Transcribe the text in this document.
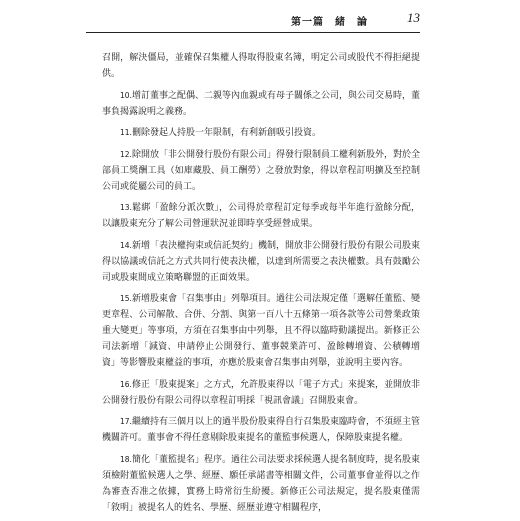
第一篇　緒　論	13

召開，解決僵局，並確保召集權人得取得股東名簿，明定公司或股代不得拒絕提供。

10.增訂董事之配偶、二親等內血親或有母子關係之公司，與公司交易時，董事負揭露說明之義務。

11.刪除發起人持股一年限制，有利新創吸引投資。

12.除開放「非公開發行股份有限公司」得發行限制員工權利新股外，對於全部員工獎酬工具（如庫藏股、員工酬勞）之發放對象，得以章程訂明擴及至控制公司或從屬公司的員工。

13.鬆綁「盈餘分派次數」，公司得於章程訂定每季或每半年進行盈餘分配，以讓股東充分了解公司營運狀況並即時享受經營成果。

14.新增「表決權拘束或信託契約」機制，開放非公開發行股份有限公司股東得以協議或信託之方式共同行使表決權，以達到所需要之表決權數。具有鼓勵公司或股東間成立策略聯盟的正面效果。

15.新增股東會「召集事由」列舉項目。過往公司法規定僅「選解任董監、變更章程、公司解散、合併、分割、與第一百八十五條第一項各款等公司營業政策重大變更」等事項，方須在召集事由中列舉，且不得以臨時動議提出。新修正公司法新增「減資、申請停止公開發行、董事競業許可、盈餘轉增資、公積轉增資」等影響股東權益的事項，亦應於股東會召集事由列舉，並說明主要內容。

16.修正「股東提案」之方式，允許股東得以「電子方式」來提案，並開放非公開發行股份有限公司得以章程訂明採「視訊會議」召開股東會。

17.繼續持有三個月以上的過半股份股東得自行召集股東臨時會，不須經主管機關許可。董事會不得任意剔除股東提名的董監事候選人，保障股東提名權。

18.簡化「董監提名」程序。過往公司法要求採候選人提名制度時，提名股東須檢附董監候選人之學、經歷、願任承諾書等相關文件，公司董事會並得以之作為審查否准之依據，實務上時常衍生紛擾。新修正公司法規定，提名股東僅需「敘明」被提名人的姓名、學歷、經歷並遵守相關程序，
